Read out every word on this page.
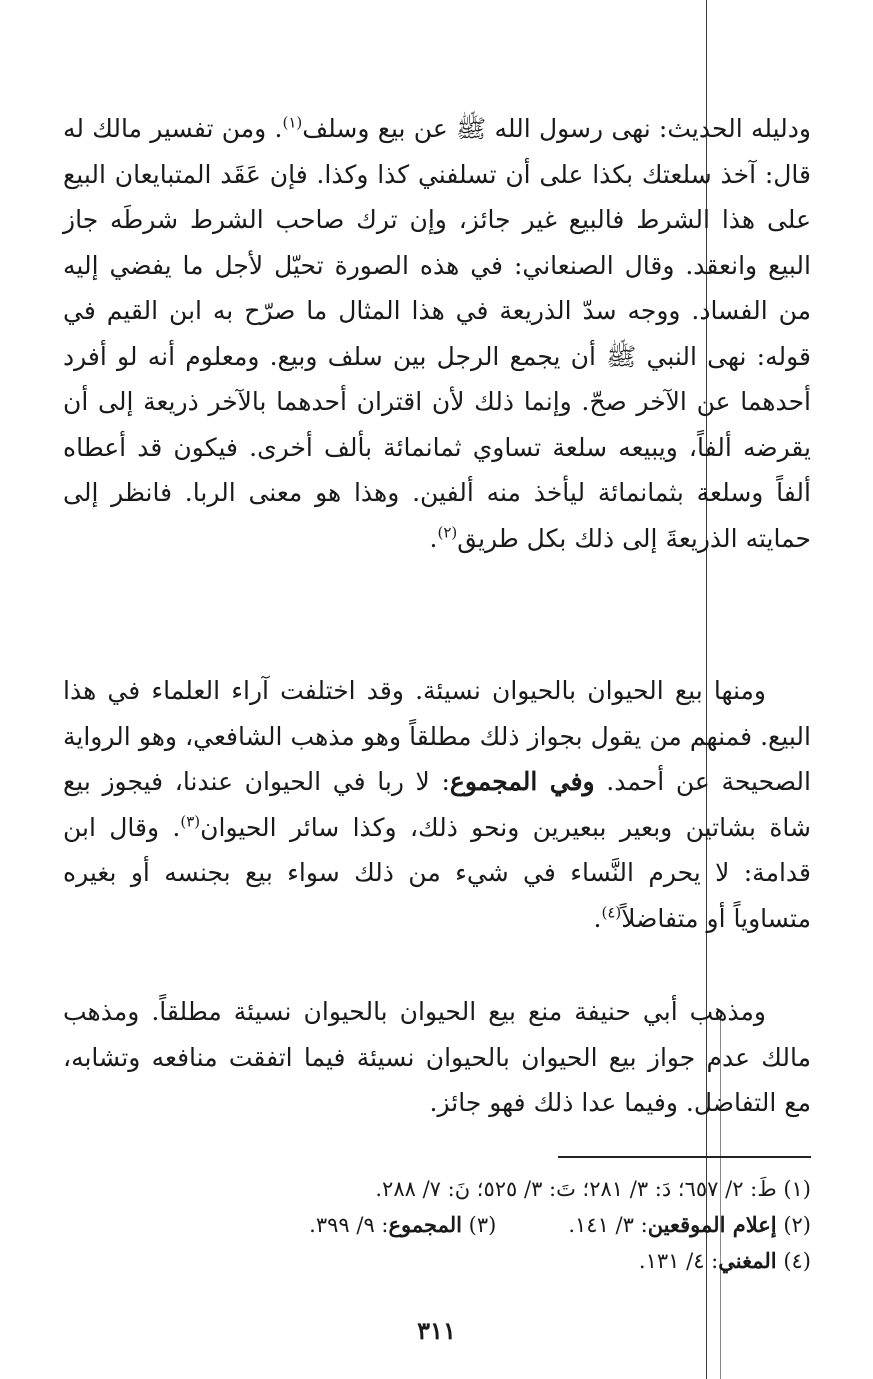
ودليله الحديث: نهى رسول الله ﷺ عن بيع وسلف$^{(١)}$. ومن تفسير مالك له قال: آخذ سلعتك بكذا على أن تسلفني كذا وكذا. فإن عَقَد المتبايعان البيع على هذا الشرط فالبيع غير جائز، وإن ترك صاحب الشرط شرطَه جاز البيع وانعقد. وقال الصنعاني: في هذه الصورة تحيّل لأجل ما يفضي إليه من الفساد. ووجه سدّ الذريعة في هذا المثال ما صرّح به ابن القيم في قوله: نهى النبي ﷺ أن يجمع الرجل بين سلف وبيع. ومعلوم أنه لو أفرد أحدهما عن الآخر صحّ. وإنما ذلك لأن اقتران أحدهما بالآخر ذريعة إلى أن يقرضه ألفاً، ويبيعه سلعة تساوي ثمانمائة بألف أخرى. فيكون قد أعطاه ألفاً وسلعة بثمانمائة ليأخذ منه ألفين. وهذا هو معنى الربا. فانظر إلى حمايته الذريعةَ إلى ذلك بكل طريق$^{(٢)}$.
ومنها بيع الحيوان بالحيوان نسيئة. وقد اختلفت آراء العلماء في هذا البيع. فمنهم من يقول بجواز ذلك مطلقاً وهو مذهب الشافعي، وهو الرواية الصحيحة عن أحمد. وفي المجموع: لا ربا في الحيوان عندنا، فيجوز بيع شاة بشاتين وبعير ببعيرين ونحو ذلك، وكذا سائر الحيوان$^{(٣)}$. وقال ابن قدامة: لا يحرم النَّساء في شيء من ذلك سواء بيع بجنسه أو بغيره متساوياً أو متفاضلاً$^{(٤)}$.
ومذهب أبي حنيفة منع بيع الحيوان بالحيوان نسيئة مطلقاً. ومذهب مالك عدم جواز بيع الحيوان بالحيوان نسيئة فيما اتفقت منافعه وتشابه، مع التفاضل. وفيما عدا ذلك فهو جائز.
(١) طَ: ٢/ ٦٥٧؛ دَ: ٣/ ٢٨١؛ تَ: ٣/ ٥٢٥؛ نَ: ٧/ ٢٨٨.
(٢) إعلام الموقعين: ٣/ ١٤١.(٣) المجموع: ٩/ ٣٩٩.
(٤) المغني: ٤/ ١٣١.
٣١١
